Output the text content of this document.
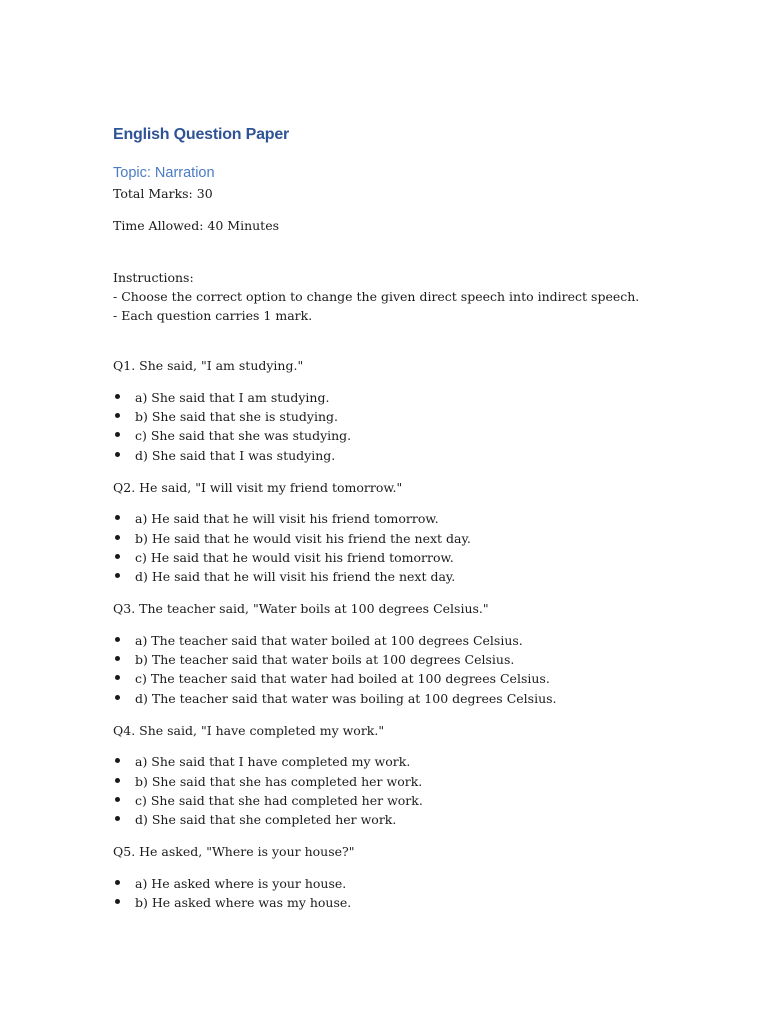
English Question Paper
Topic: Narration

Total Marks: 30

Time Allowed: 40 Minutes

Instructions:

- Choose the correct option to change the given direct speech into indirect speech.

- Each question carries 1 mark.

Q1. She said, "I am studying."

a) She said that I am studying.
b) She said that she is studying.
c) She said that she was studying.
d) She said that I was studying.

Q2. He said, "I will visit my friend tomorrow."

a) He said that he will visit his friend tomorrow.
b) He said that he would visit his friend the next day.
c) He said that he would visit his friend tomorrow.
d) He said that he will visit his friend the next day.

Q3. The teacher said, "Water boils at 100 degrees Celsius."

a) The teacher said that water boiled at 100 degrees Celsius.
b) The teacher said that water boils at 100 degrees Celsius.
c) The teacher said that water had boiled at 100 degrees Celsius.
d) The teacher said that water was boiling at 100 degrees Celsius.

Q4. She said, "I have completed my work."

a) She said that I have completed my work.
b) She said that she has completed her work.
c) She said that she had completed her work.
d) She said that she completed her work.

Q5. He asked, "Where is your house?"

a) He asked where is your house.
b) He asked where was my house.
